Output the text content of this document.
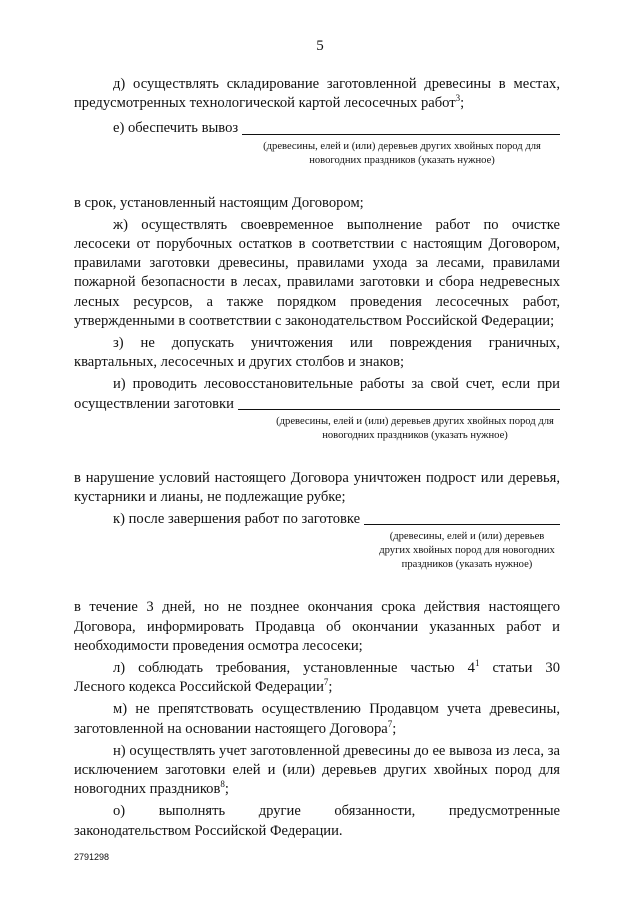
5

д) осуществлять складирование заготовленной древесины в местах, предусмотренных технологической картой лесосечных работ$^3$;

е) обеспечить вывоз

(древесины, елей и (или) деревьев других хвойных пород для новогодних праздников (указать нужное)

в срок, установленный настоящим Договором;

ж) осуществлять своевременное выполнение работ по очистке лесосеки от порубочных остатков в соответствии с настоящим Договором, правилами заготовки древесины, правилами ухода за лесами, правилами пожарной безопасности в лесах, правилами заготовки и сбора недревесных лесных ресурсов, а также порядком проведения лесосечных работ, утвержденными в соответствии с законодательством Российской Федерации;

з) не допускать уничтожения или повреждения граничных, квартальных, лесосечных и других столбов и знаков;

и) проводить лесовосстановительные работы за свой счет, если при

осуществлении заготовки

(древесины, елей и (или) деревьев других хвойных пород для новогодних праздников (указать нужное)

в нарушение условий настоящего Договора уничтожен подрост или деревья, кустарники и лианы, не подлежащие рубке;

к) после завершения работ по заготовке

(древесины, елей и (или) деревьев других хвойных пород для новогодних праздников (указать нужное)

в течение 3 дней, но не позднее окончания срока действия настоящего Договора, информировать Продавца об окончании указанных работ и необходимости проведения осмотра лесосеки;

л) соблюдать требования, установленные частью $4^1$ статьи 30

Лесного кодекса Российской Федерации$^7$;

м) не препятствовать осуществлению Продавцом учета древесины, заготовленной на основании настоящего Договора$^7$;

н) осуществлять учет заготовленной древесины до ее вывоза из леса, за исключением заготовки елей и (или) деревьев других хвойных пород для новогодних праздников$^8$;

о) выполнять другие обязанности, предусмотренные

законодательством Российской Федерации.

2791298
